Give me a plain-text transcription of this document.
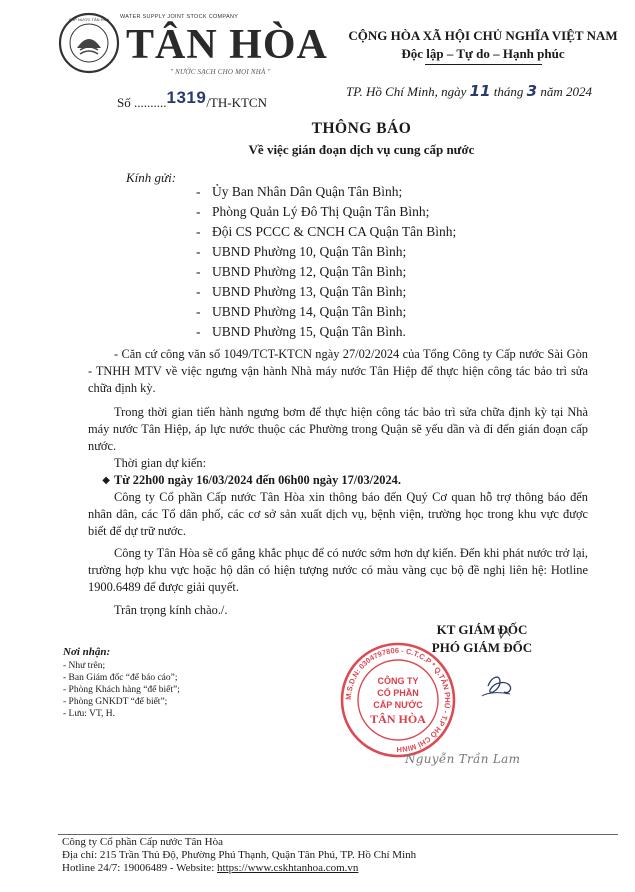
CẤP NƯỚC TÂN HÒA WATER SUPPLY JOINT STOCK COMPANY
TÂN HÒA
" NƯỚC SẠCH CHO MỌI NHÀ "
Số ..........1319/TH-KTCN
CỘNG HÒA XÃ HỘI CHỦ NGHĨA VIỆT NAM
Độc lập – Tự do – Hạnh phúc
TP. Hồ Chí Minh, ngày 11 tháng 3 năm 2024
THÔNG BÁO
Về việc gián đoạn dịch vụ cung cấp nước
Kính gửi:
- Ủy Ban Nhân Dân Quận Tân Bình;
- Phòng Quản Lý Đô Thị Quận Tân Bình;
- Đội CS PCCC & CNCH CA Quận Tân Bình;
- UBND Phường 10, Quận Tân Bình;
- UBND Phường 12, Quận Tân Bình;
- UBND Phường 13, Quận Tân Bình;
- UBND Phường 14, Quận Tân Bình;
- UBND Phường 15, Quận Tân Bình.

- Căn cứ công văn số 1049/TCT-KTCN ngày 27/02/2024 của Tổng Công ty Cấp nước Sài Gòn - TNHH MTV về việc ngưng vận hành Nhà máy nước Tân Hiệp để thực hiện công tác bảo trì sửa chữa định kỳ.

Trong thời gian tiến hành ngưng bơm để thực hiện công tác bảo trì sửa chữa định kỳ tại Nhà máy nước Tân Hiệp, áp lực nước thuộc các Phường trong Quận sẽ yếu dần và đi đến gián đoạn cấp nước.

Thời gian dự kiến:

◆ Từ 22h00 ngày 16/03/2024 đến 06h00 ngày 17/03/2024.

Công ty Cổ phần Cấp nước Tân Hòa xin thông báo đến Quý Cơ quan hỗ trợ thông báo đến nhân dân, các Tổ dân phố, các cơ sở sản xuất dịch vụ, bệnh viện, trường học trong khu vực được biết để dự trữ nước.

Công ty Tân Hòa sẽ cố gắng khắc phục để có nước sớm hơn dự kiến. Đến khi phát nước trở lại, trường hợp khu vực hoặc hộ dân có hiện tượng nước có màu vàng cục bộ đề nghị liên hệ: Hotline 1900.6489 để được giải quyết.

Trân trọng kính chào./.

M.S.D.N: 0304797806 - C.T.C.P * Q.TÂN PHÚ - T.P HỒ CHÍ MINH
CÔNG TY
CỔ PHẦN
CẤP NƯỚC
TÂN HÒA
KT GIÁM ĐỐC
PHÓ GIÁM ĐỐC
Nguyễn Trần Lam
Nơi nhận:
- Như trên;
- Ban Giám đốc “để báo cáo”;
- Phòng Khách hàng “để biết”;
- Phòng GNKDT “để biết”;
- Lưu: VT, H.
Công ty Cổ phần Cấp nước Tân Hòa
Địa chỉ: 215 Trần Thủ Độ, Phường Phú Thạnh, Quận Tân Phú, TP. Hồ Chí Minh
Hotline 24/7: 19006489 - Website: https://www.cskhtanhoa.com.vn
